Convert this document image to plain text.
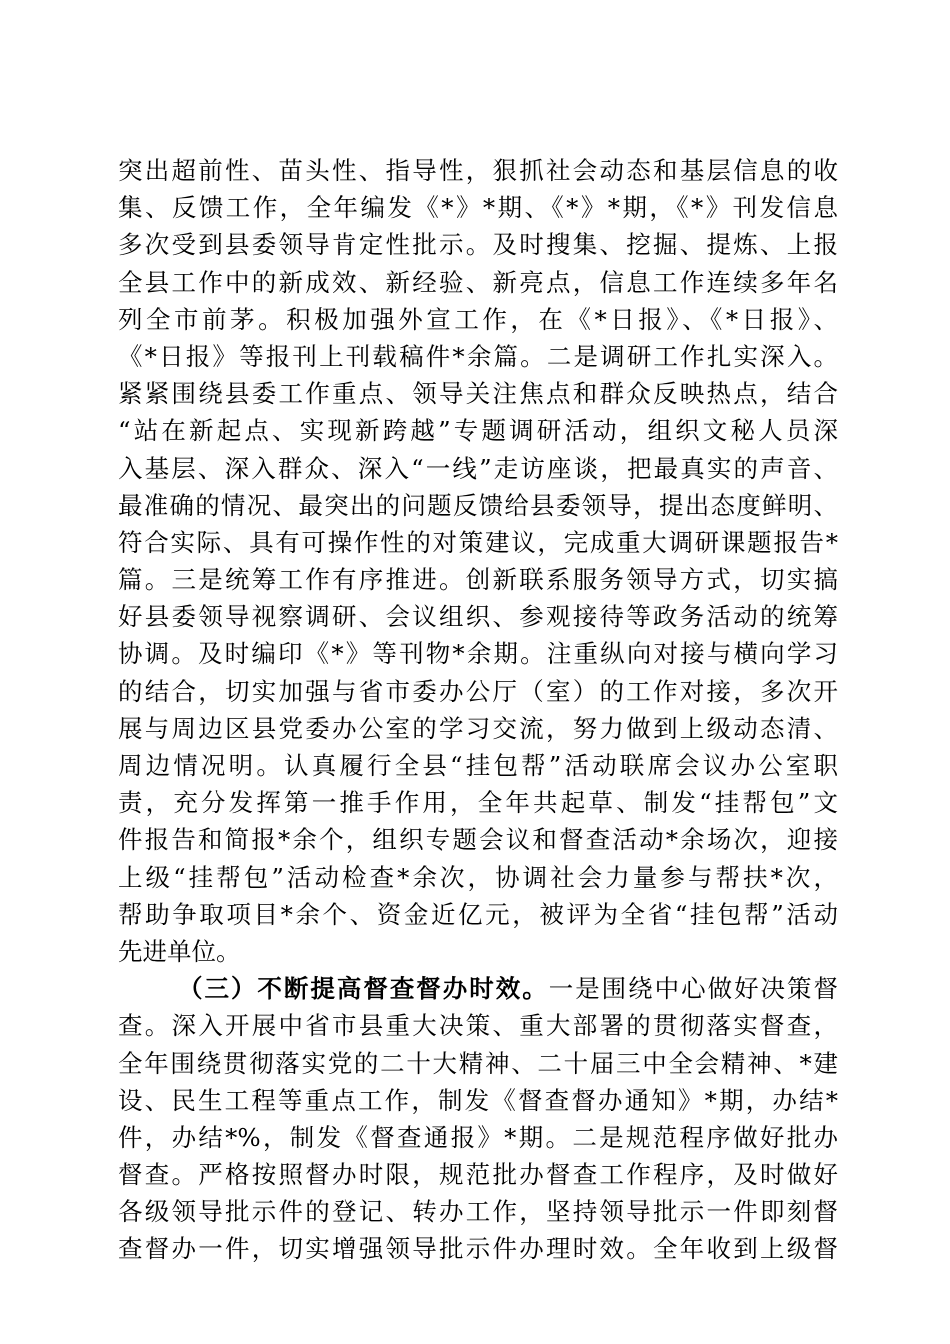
突出超前性、苗头性、指导性，狠抓社会动态和基层信息的收
集、反馈工作，全年编发《*》*期、《*》*期，《*》刊发信息
多次受到县委领导肯定性批示。及时搜集、挖掘、提炼、上报
全县工作中的新成效、新经验、新亮点，信息工作连续多年名
列全市前茅。积极加强外宣工作，在《*日报》、《*日报》、
《*日报》等报刊上刊载稿件*余篇。二是调研工作扎实深入。
紧紧围绕县委工作重点、领导关注焦点和群众反映热点，结合
“站在新起点、实现新跨越”专题调研活动，组织文秘人员深
入基层、深入群众、深入“一线”走访座谈，把最真实的声音、
最准确的情况、最突出的问题反馈给县委领导，提出态度鲜明、
符合实际、具有可操作性的对策建议，完成重大调研课题报告*
篇。三是统筹工作有序推进。创新联系服务领导方式，切实搞
好县委领导视察调研、会议组织、参观接待等政务活动的统筹
协调。及时编印《*》等刊物*余期。注重纵向对接与横向学习
的结合，切实加强与省市委办公厅（室）的工作对接，多次开
展与周边区县党委办公室的学习交流，努力做到上级动态清、
周边情况明。认真履行全县“挂包帮”活动联席会议办公室职
责，充分发挥第一推手作用，全年共起草、制发“挂帮包”文
件报告和简报*余个，组织专题会议和督查活动*余场次，迎接
上级“挂帮包”活动检查*余次，协调社会力量参与帮扶*次，
帮助争取项目*余个、资金近亿元，被评为全省“挂包帮”活动
先进单位。
（三）不断提高督查督办时效。一是围绕中心做好决策督
查。深入开展中省市县重大决策、重大部署的贯彻落实督查，
全年围绕贯彻落实党的二十大精神、二十届三中全会精神、*建
设、民生工程等重点工作，制发《督查督办通知》*期，办结*
件，办结*%，制发《督查通报》*期。二是规范程序做好批办
督查。严格按照督办时限，规范批办督查工作程序，及时做好
各级领导批示件的登记、转办工作，坚持领导批示一件即刻督
查督办一件，切实增强领导批示件办理时效。全年收到上级督
